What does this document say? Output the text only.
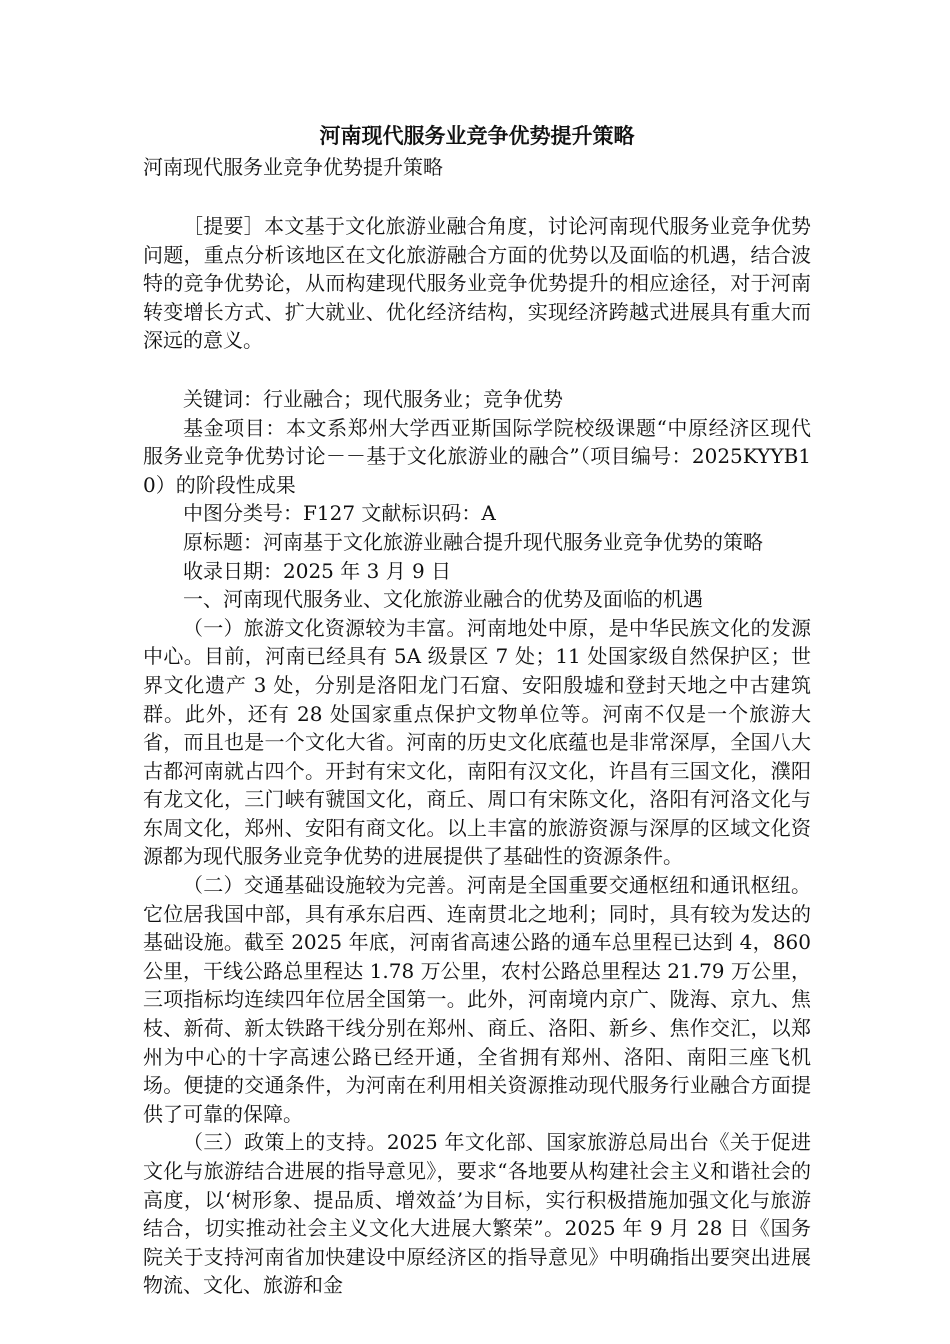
河南现代服务业竞争优势提升策略

河南现代服务业竞争优势提升策略

［提要］本文基于文化旅游业融合角度，讨论河南现代服务业竞争优势问题，重点分析该地区在文化旅游融合方面的优势以及面临的机遇，结合波特的竞争优势论，从而构建现代服务业竞争优势提升的相应途径，对于河南转变增长方式、扩大就业、优化经济结构，实现经济跨越式进展具有重大而深远的意义。

关键词：行业融合；现代服务业；竞争优势

基金项目：本文系郑州大学西亚斯国际学院校级课题“中原经济区现代服务业竞争优势讨论－－基于文化旅游业的融合”（项目编号：2025KYYB10）的阶段性成果

中图分类号：F127 文献标识码：A

原标题：河南基于文化旅游业融合提升现代服务业竞争优势的策略

收录日期：2025 年 3 月 9 日

一、河南现代服务业、文化旅游业融合的优势及面临的机遇

（一）旅游文化资源较为丰富。河南地处中原，是中华民族文化的发源中心。目前，河南已经具有 5A 级景区 7 处；11 处国家级自然保护区；世界文化遗产 3 处，分别是洛阳龙门石窟、安阳殷墟和登封天地之中古建筑群。此外，还有 28 处国家重点保护文物单位等。河南不仅是一个旅游大省，而且也是一个文化大省。河南的历史文化底蕴也是非常深厚，全国八大古都河南就占四个。开封有宋文化，南阳有汉文化，许昌有三国文化，濮阳有龙文化，三门峡有虢国文化，商丘、周口有宋陈文化，洛阳有河洛文化与东周文化，郑州、安阳有商文化。以上丰富的旅游资源与深厚的区域文化资源都为现代服务业竞争优势的进展提供了基础性的资源条件。

（二）交通基础设施较为完善。河南是全国重要交通枢纽和通讯枢纽。它位居我国中部，具有承东启西、连南贯北之地利；同时，具有较为发达的基础设施。截至 2025 年底，河南省高速公路的通车总里程已达到 4，860 公里，干线公路总里程达 1.78 万公里，农村公路总里程达 21.79 万公里，三项指标均连续四年位居全国第一。此外，河南境内京广、陇海、京九、焦枝、新荷、新太铁路干线分别在郑州、商丘、洛阳、新乡、焦作交汇，以郑州为中心的十字高速公路已经开通，全省拥有郑州、洛阳、南阳三座飞机场。便捷的交通条件，为河南在利用相关资源推动现代服务行业融合方面提供了可靠的保障。

（三）政策上的支持。2025 年文化部、国家旅游总局出台《关于促进文化与旅游结合进展的指导意见》，要求“各地要从构建社会主义和谐社会的高度，以‘树形象、提品质、增效益’为目标，实行积极措施加强文化与旅游结合，切实推动社会主义文化大进展大繁荣”。2025 年 9 月 28 日《国务院关于支持河南省加快建设中原经济区的指导意见》中明确指出要突出进展物流、文化、旅游和金
